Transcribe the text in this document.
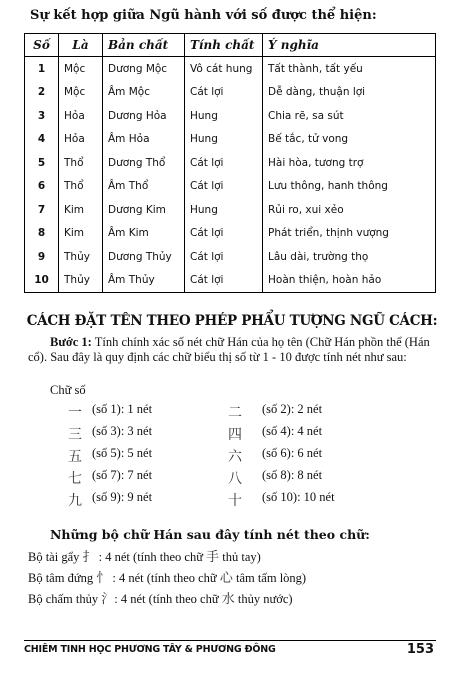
Sự kết hợp giữa Ngũ hành với số được thể hiện:
Số	Là	Bản chất	Tính chất	Ý nghĩa
1	Mộc	Dương Mộc	Vô cát hung	Tất thành, tất yếu
2	Mộc	Âm Mộc	Cát lợi	Dễ dàng, thuận lợi
3	Hỏa	Dương Hỏa	Hung	Chia rẽ, sa sút
4	Hỏa	Âm Hỏa	Hung	Bế tắc, tử vong
5	Thổ	Dương Thổ	Cát lợi	Hài hòa, tương trợ
6	Thổ	Âm Thổ	Cát lợi	Lưu thông, hanh thông
7	Kim	Dương Kim	Hung	Rủi ro, xui xẻo
8	Kim	Âm Kim	Cát lợi	Phát triển, thịnh vượng
9	Thủy	Dương Thủy	Cát lợi	Lâu dài, trường thọ
10	Thủy	Âm Thủy	Cát lợi	Hoàn thiện, hoàn hảo
CÁCH ĐẶT TÊN THEO PHÉP PHẨU TƯỢNG NGŨ CÁCH:
Bước 1: Tính chính xác số nét chữ Hán của họ tên (Chữ Hán phồn thể (Hán cổ). Sau đây là quy định các chữ biểu thị số từ 1 - 10 được tính nét như sau:
Chữ số
一 (số 1): 1 nét	二 (số 2): 2 nét
三 (số 3): 3 nét	四 (số 4): 4 nét
五 (số 5): 5 nét	六 (số 6): 6 nét
七 (số 7): 7 nét	八 (số 8): 8 nét
九 (số 9): 9 nét	十 (số 10): 10 nét
Những bộ chữ Hán sau đây tính nét theo chữ:
Bộ tài gẩy 扌 : 4 nét (tính theo chữ 手 thủ tay)
Bộ tâm đứng 忄 : 4 nét (tính theo chữ 心 tâm tấm lòng)
Bộ chấm thủy 氵: 4 nét (tính theo chữ 水 thủy nước)
CHIÊM TINH HỌC PHƯƠNG TÂY & PHƯƠNG ĐÔNG	153
